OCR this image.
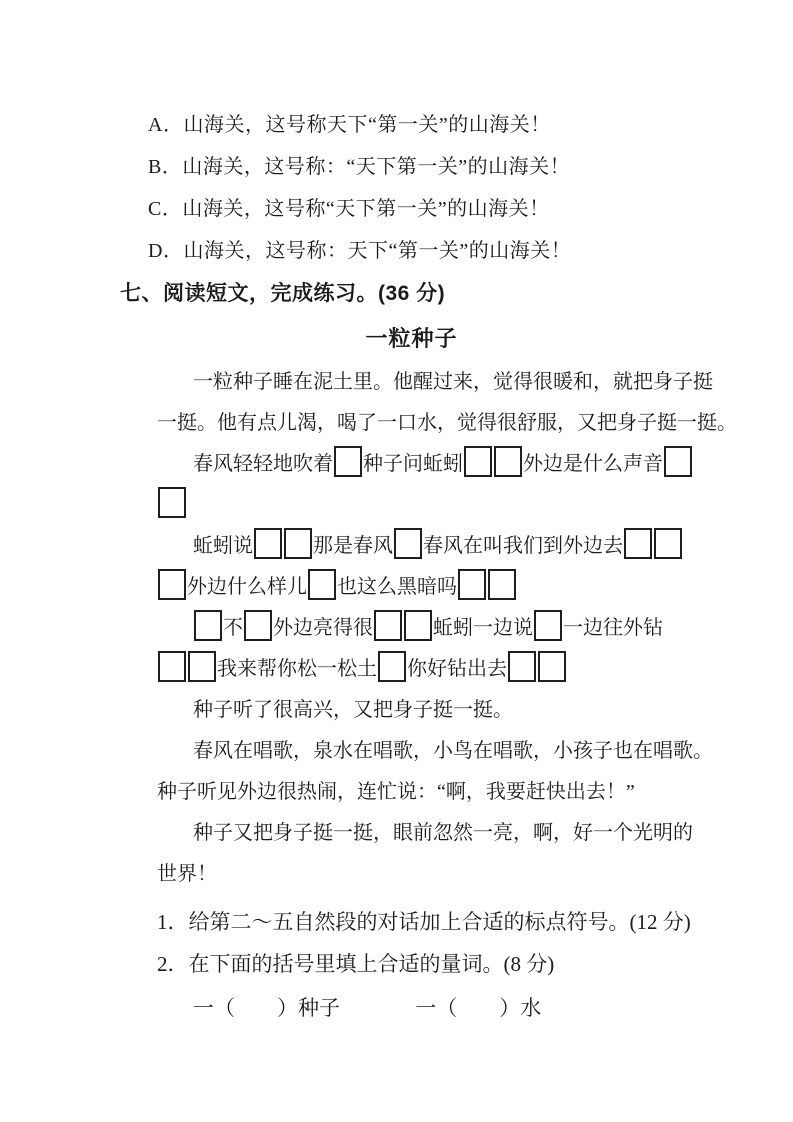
A．山海关，这号称天下“第一关”的山海关！
B．山海关，这号称：“天下第一关”的山海关！
C．山海关，这号称“天下第一关”的山海关！
D．山海关，这号称：天下“第一关”的山海关！
七、阅读短文，完成练习。(36 分)
一粒种子
一粒种子睡在泥土里。他醒过来，觉得很暖和，就把身子挺
一挺。他有点儿渴，喝了一口水，觉得很舒服，又把身子挺一挺。
春风轻轻地吹着 种子问蚯蚓	外边是什么声音
蚯蚓说	那是春风 春风在叫我们到外边去
外边什么样儿 也这么黑暗吗
不 外边亮得很	蚯蚓一边说 一边往外钻
我来帮你松一松土 你好钻出去
种子听了很高兴，又把身子挺一挺。
春风在唱歌，泉水在唱歌，小鸟在唱歌，小孩子也在唱歌。
种子听见外边很热闹，连忙说：“啊，我要赶快出去！”
种子又把身子挺一挺，眼前忽然一亮，啊，好一个光明的
世界！
1．给第二～五自然段的对话加上合适的标点符号。(12 分)
2．在下面的括号里填上合适的量词。(8 分)
一（　　）种子	一（　　）水
